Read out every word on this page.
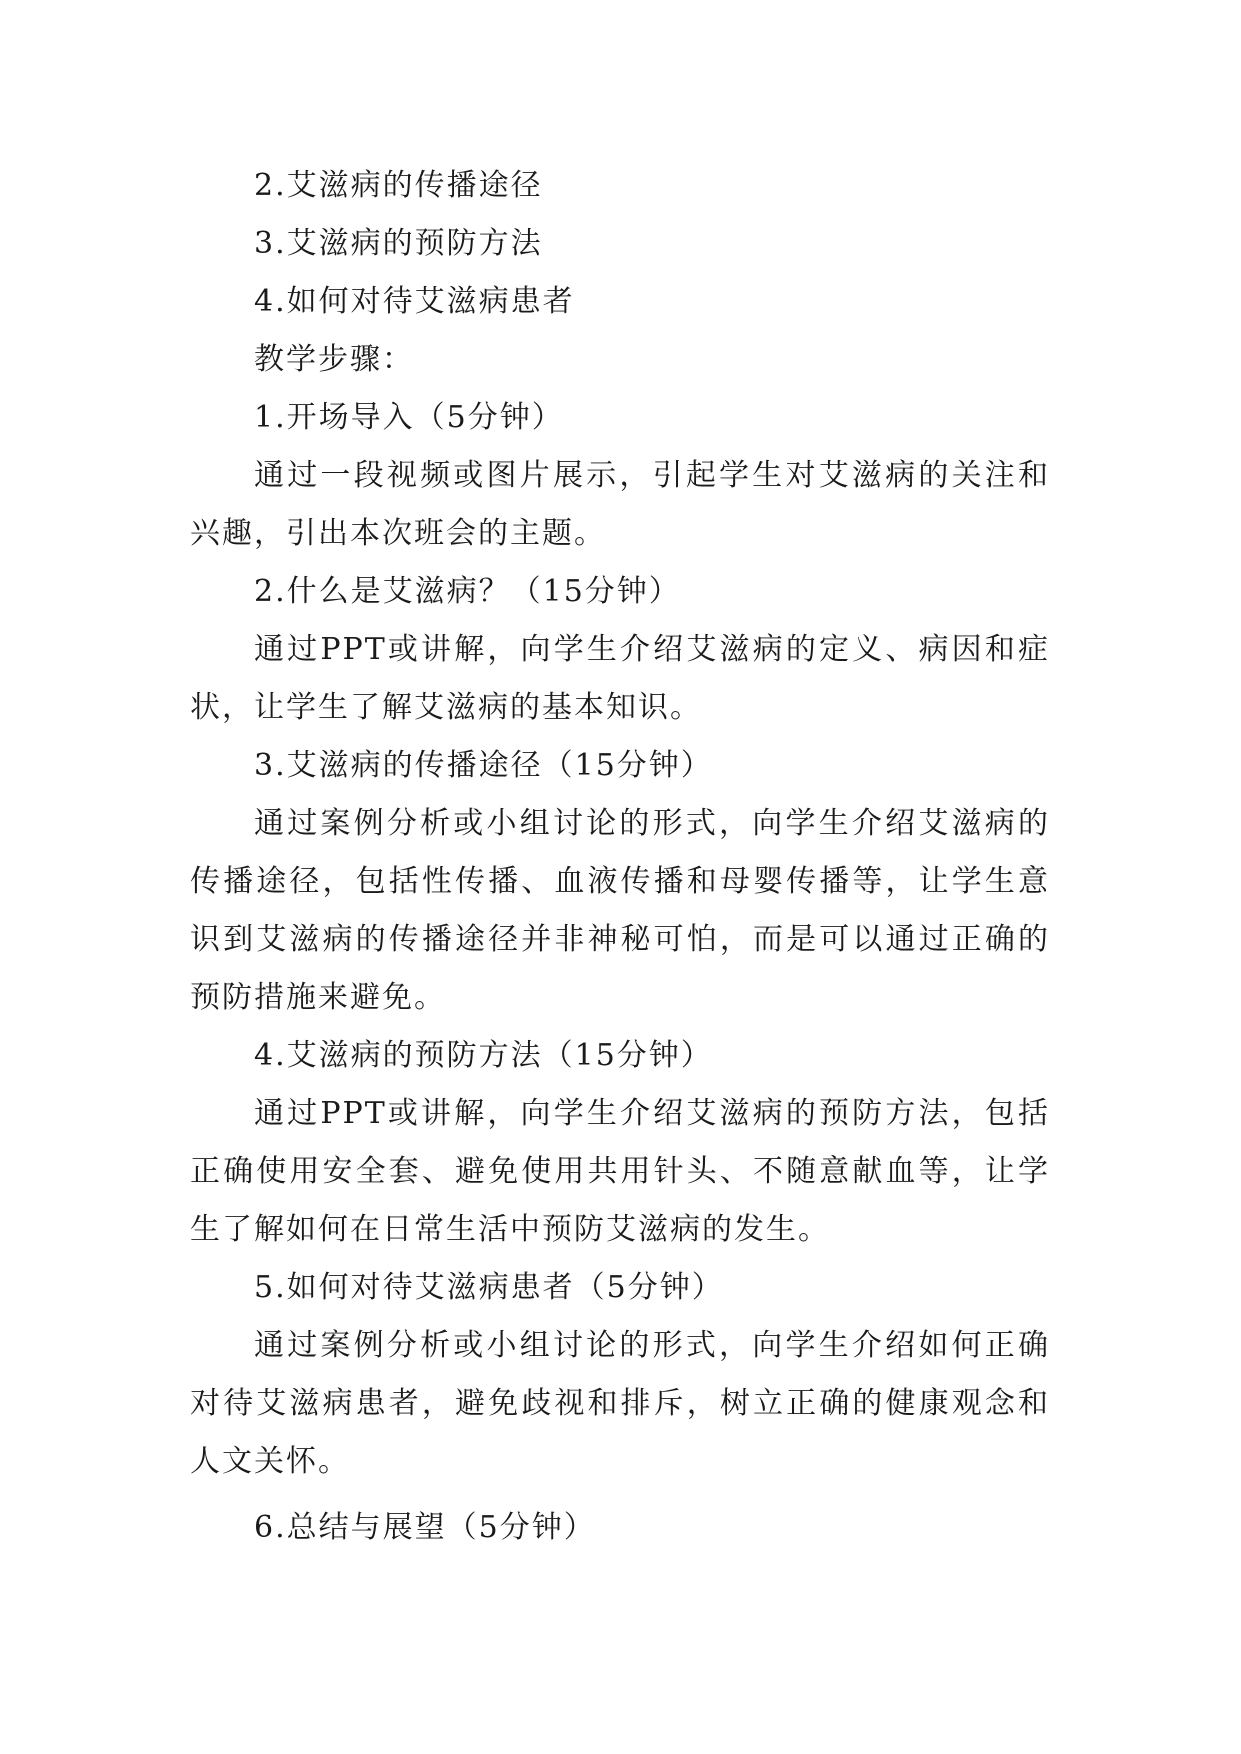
2.艾滋病的传播途径

3.艾滋病的预防方法

4.如何对待艾滋病患者

教学步骤：

1.开场导入（5分钟）

通过一段视频或图片展示，引起学生对艾滋病的关注和兴趣，引出本次班会的主题。

2.什么是艾滋病？（15分钟）

通过PPT或讲解，向学生介绍艾滋病的定义、病因和症状，让学生了解艾滋病的基本知识。

3.艾滋病的传播途径（15分钟）

通过案例分析或小组讨论的形式，向学生介绍艾滋病的传播途径，包括性传播、血液传播和母婴传播等，让学生意识到艾滋病的传播途径并非神秘可怕，而是可以通过正确的预防措施来避免。

4.艾滋病的预防方法（15分钟）

通过PPT或讲解，向学生介绍艾滋病的预防方法，包括正确使用安全套、避免使用共用针头、不随意献血等，让学生了解如何在日常生活中预防艾滋病的发生。

5.如何对待艾滋病患者（5分钟）

通过案例分析或小组讨论的形式，向学生介绍如何正确对待艾滋病患者，避免歧视和排斥，树立正确的健康观念和人文关怀。

6.总结与展望（5分钟）
